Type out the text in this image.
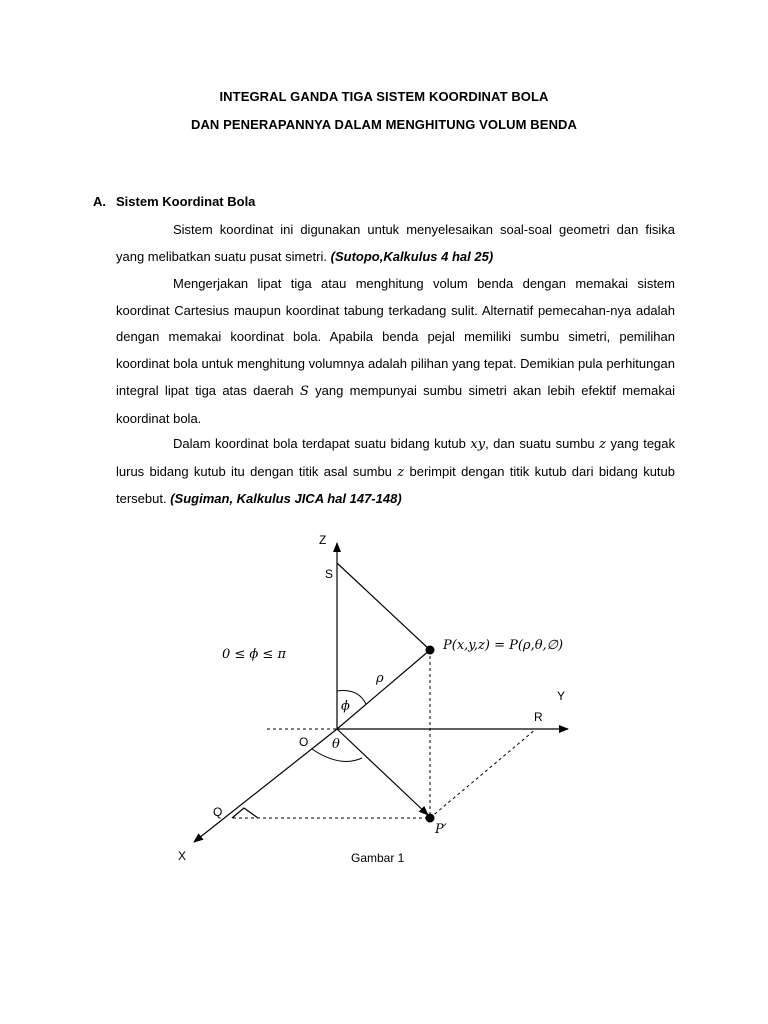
INTEGRAL GANDA TIGA SISTEM KOORDINAT BOLA
DAN PENERAPANNYA DALAM MENGHITUNG VOLUM BENDA
A. Sistem Koordinat Bola

Sistem koordinat ini digunakan untuk menyelesaikan soal-soal geometri dan fisika yang melibatkan suatu pusat simetri. (Sutopo,Kalkulus 4 hal 25)

Mengerjakan lipat tiga atau menghitung volum benda dengan memakai sistem koordinat Cartesius maupun koordinat tabung terkadang sulit. Alternatif pemecahan-nya adalah dengan memakai koordinat bola. Apabila benda pejal memiliki sumbu simetri, pemilihan koordinat bola untuk menghitung volumnya adalah pilihan yang tepat. Demikian pula perhitungan integral lipat tiga atas daerah S yang mempunyai sumbu simetri akan lebih efektif memakai koordinat bola.

Dalam koordinat bola terdapat suatu bidang kutub xy, dan suatu sumbu z yang tegak lurus bidang kutub itu dengan titik asal sumbu z berimpit dengan titik kutub dari bidang kutub tersebut. (Sugiman, Kalkulus JICA hal 147-148)

Z
S
Y
R
O
Q
X
ρ
ϕ
θ
P(x,y,z) = P(ρ,θ,∅)
P′
0 ≤ ϕ ≤ π
Gambar 1
